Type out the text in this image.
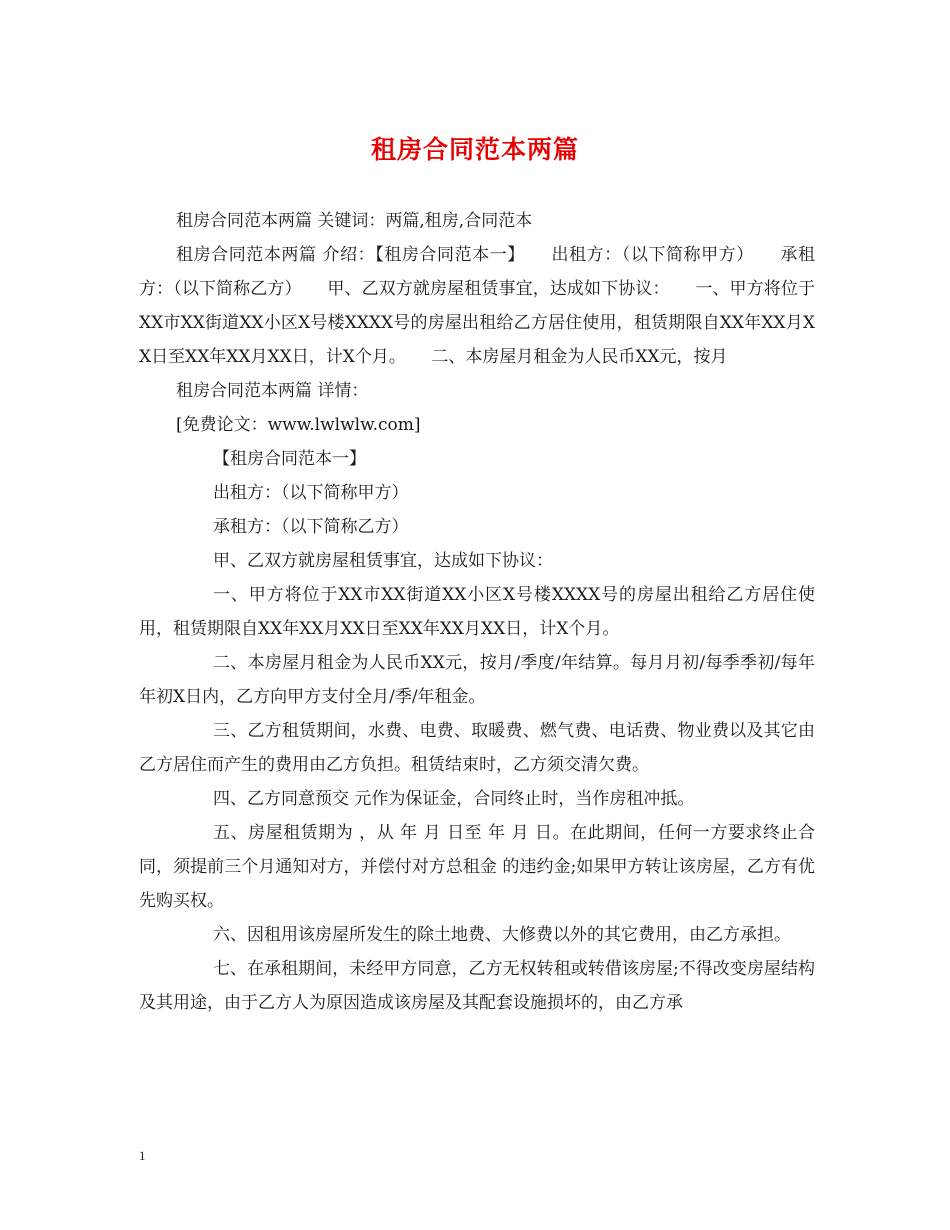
租房合同范本两篇

租房合同范本两篇 关键词：两篇,租房,合同范本

租房合同范本两篇 介绍：【租房合同范本一】　　出租方：（以下简称甲方）　　承租方：（以下简称乙方）　　甲、乙双方就房屋租赁事宜，达成如下协议：　　一、甲方将位于XX市XX街道XX小区X号楼XXXX号的房屋出租给乙方居住使用，租赁期限自XX年XX月XX日至XX年XX月XX日，计X个月。　　二、本房屋月租金为人民币XX元，按月

租房合同范本两篇 详情：

[免费论文：www.lwlwlw.com]

【租房合同范本一】

出租方：（以下简称甲方）

承租方：（以下简称乙方）

甲、乙双方就房屋租赁事宜，达成如下协议：

一、甲方将位于XX市XX街道XX小区X号楼XXXX号的房屋出租给乙方居住使用，租赁期限自XX年XX月XX日至XX年XX月XX日，计X个月。

二、本房屋月租金为人民币XX元，按月/季度/年结算。每月月初/每季季初/每年年初X日内，乙方向甲方支付全月/季/年租金。

三、乙方租赁期间，水费、电费、取暖费、燃气费、电话费、物业费以及其它由乙方居住而产生的费用由乙方负担。租赁结束时，乙方须交清欠费。

四、乙方同意预交 元作为保证金，合同终止时，当作房租冲抵。

五、房屋租赁期为 ，从 年 月 日至 年 月 日。在此期间，任何一方要求终止合同，须提前三个月通知对方，并偿付对方总租金 的违约金;如果甲方转让该房屋，乙方有优先购买权。

六、因租用该房屋所发生的除土地费、大修费以外的其它费用，由乙方承担。

七、在承租期间，未经甲方同意，乙方无权转租或转借该房屋;不得改变房屋结构及其用途，由于乙方人为原因造成该房屋及其配套设施损坏的，由乙方承

1
